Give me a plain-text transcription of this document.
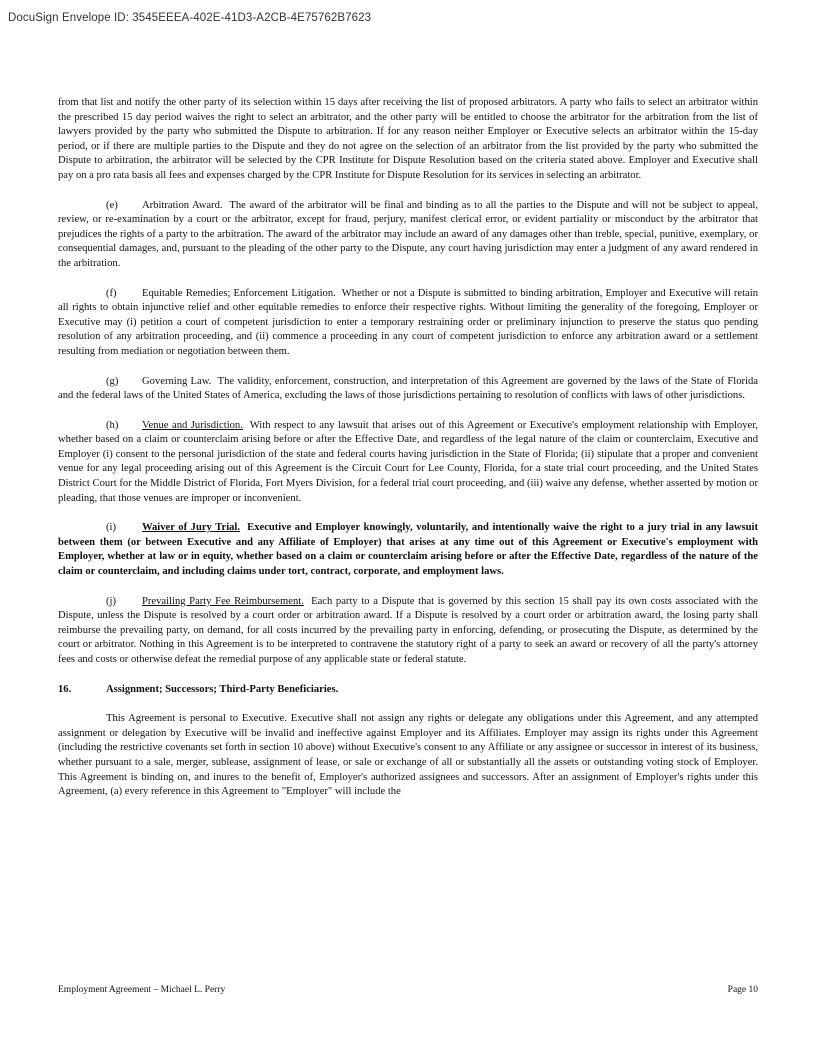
DocuSign Envelope ID: 3545EEEA-402E-41D3-A2CB-4E75762B7623

from that list and notify the other party of its selection within 15 days after receiving the list of proposed arbitrators. A party who fails to select an arbitrator within the prescribed 15 day period waives the right to select an arbitrator, and the other party will be entitled to choose the arbitrator for the arbitration from the list of lawyers provided by the party who submitted the Dispute to arbitration. If for any reason neither Employer or Executive selects an arbitrator within the 15-day period, or if there are multiple parties to the Dispute and they do not agree on the selection of an arbitrator from the list provided by the party who submitted the Dispute to arbitration, the arbitrator will be selected by the CPR Institute for Dispute Resolution based on the criteria stated above. Employer and Executive shall pay on a pro rata basis all fees and expenses charged by the CPR Institute for Dispute Resolution for its services in selecting an arbitrator.

(e) Arbitration Award. The award of the arbitrator will be final and binding as to all the parties to the Dispute and will not be subject to appeal, review, or re-examination by a court or the arbitrator, except for fraud, perjury, manifest clerical error, or evident partiality or misconduct by the arbitrator that prejudices the rights of a party to the arbitration. The award of the arbitrator may include an award of any damages other than treble, special, punitive, exemplary, or consequential damages, and, pursuant to the pleading of the other party to the Dispute, any court having jurisdiction may enter a judgment of any award rendered in the arbitration.

(f) Equitable Remedies; Enforcement Litigation. Whether or not a Dispute is submitted to binding arbitration, Employer and Executive will retain all rights to obtain injunctive relief and other equitable remedies to enforce their respective rights. Without limiting the generality of the foregoing, Employer or Executive may (i) petition a court of competent jurisdiction to enter a temporary restraining order or preliminary injunction to preserve the status quo pending resolution of any arbitration proceeding, and (ii) commence a proceeding in any court of competent jurisdiction to enforce any arbitration award or a settlement resulting from mediation or negotiation between them.

(g) Governing Law. The validity, enforcement, construction, and interpretation of this Agreement are governed by the laws of the State of Florida and the federal laws of the United States of America, excluding the laws of those jurisdictions pertaining to resolution of conflicts with laws of other jurisdictions.

(h) Venue and Jurisdiction. With respect to any lawsuit that arises out of this Agreement or Executive's employment relationship with Employer, whether based on a claim or counterclaim arising before or after the Effective Date, and regardless of the legal nature of the claim or counterclaim, Executive and Employer (i) consent to the personal jurisdiction of the state and federal courts having jurisdiction in the State of Florida; (ii) stipulate that a proper and convenient venue for any legal proceeding arising out of this Agreement is the Circuit Court for Lee County, Florida, for a state trial court proceeding, and the United States District Court for the Middle District of Florida, Fort Myers Division, for a federal trial court proceeding, and (iii) waive any defense, whether asserted by motion or pleading, that those venues are improper or inconvenient.

(i) Waiver of Jury Trial. Executive and Employer knowingly, voluntarily, and intentionally waive the right to a jury trial in any lawsuit between them (or between Executive and any Affiliate of Employer) that arises at any time out of this Agreement or Executive's employment with Employer, whether at law or in equity, whether based on a claim or counterclaim arising before or after the Effective Date, regardless of the nature of the claim or counterclaim, and including claims under tort, contract, corporate, and employment laws.

(j) Prevailing Party Fee Reimbursement. Each party to a Dispute that is governed by this section 15 shall pay its own costs associated with the Dispute, unless the Dispute is resolved by a court order or arbitration award. If a Dispute is resolved by a court order or arbitration award, the losing party shall reimburse the prevailing party, on demand, for all costs incurred by the prevailing party in enforcing, defending, or prosecuting the Dispute, as determined by the court or arbitrator. Nothing in this Agreement is to be interpreted to contravene the statutory right of a party to seek an award or recovery of all the party's attorney fees and costs or otherwise defeat the remedial purpose of any applicable state or federal statute.

16.	Assignment; Successors; Third-Party Beneficiaries.

This Agreement is personal to Executive. Executive shall not assign any rights or delegate any obligations under this Agreement, and any attempted assignment or delegation by Executive will be invalid and ineffective against Employer and its Affiliates. Employer may assign its rights under this Agreement (including the restrictive covenants set forth in section 10 above) without Executive's consent to any Affiliate or any assignee or successor in interest of its business, whether pursuant to a sale, merger, sublease, assignment of lease, or sale or exchange of all or substantially all the assets or outstanding voting stock of Employer. This Agreement is binding on, and inures to the benefit of, Employer's authorized assignees and successors. After an assignment of Employer's rights under this Agreement, (a) every reference in this Agreement to "Employer" will include the

Employment Agreement – Michael L. Perry	Page 10
